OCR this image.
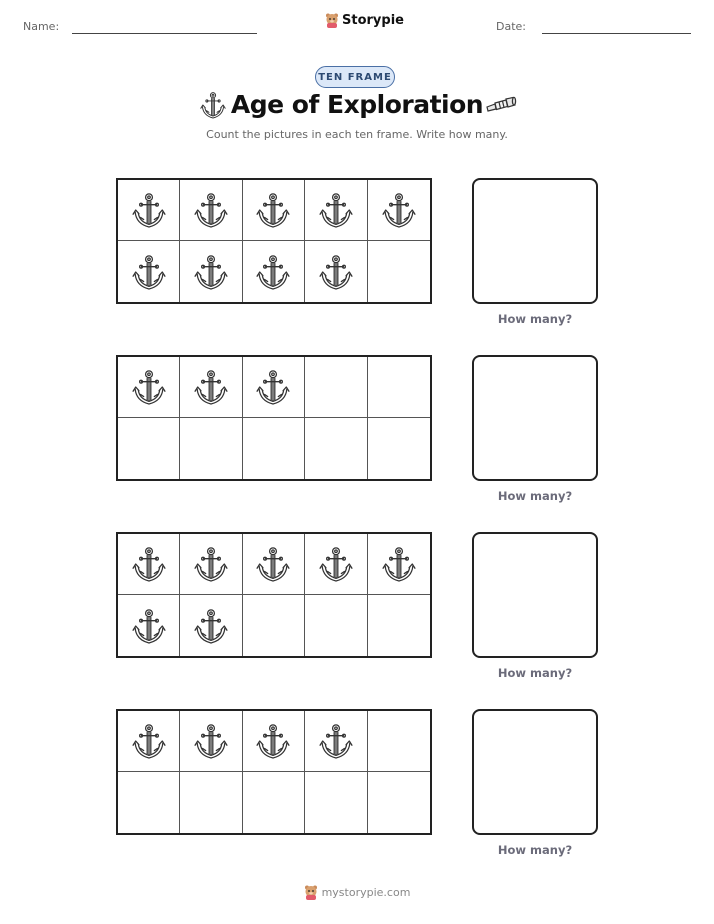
Name:	Storypie	Date:
TEN FRAME
Age of Exploration
Count the pictures in each ten frame. Write how many.
How many?
How many?
How many?
How many?
mystorypie.com
